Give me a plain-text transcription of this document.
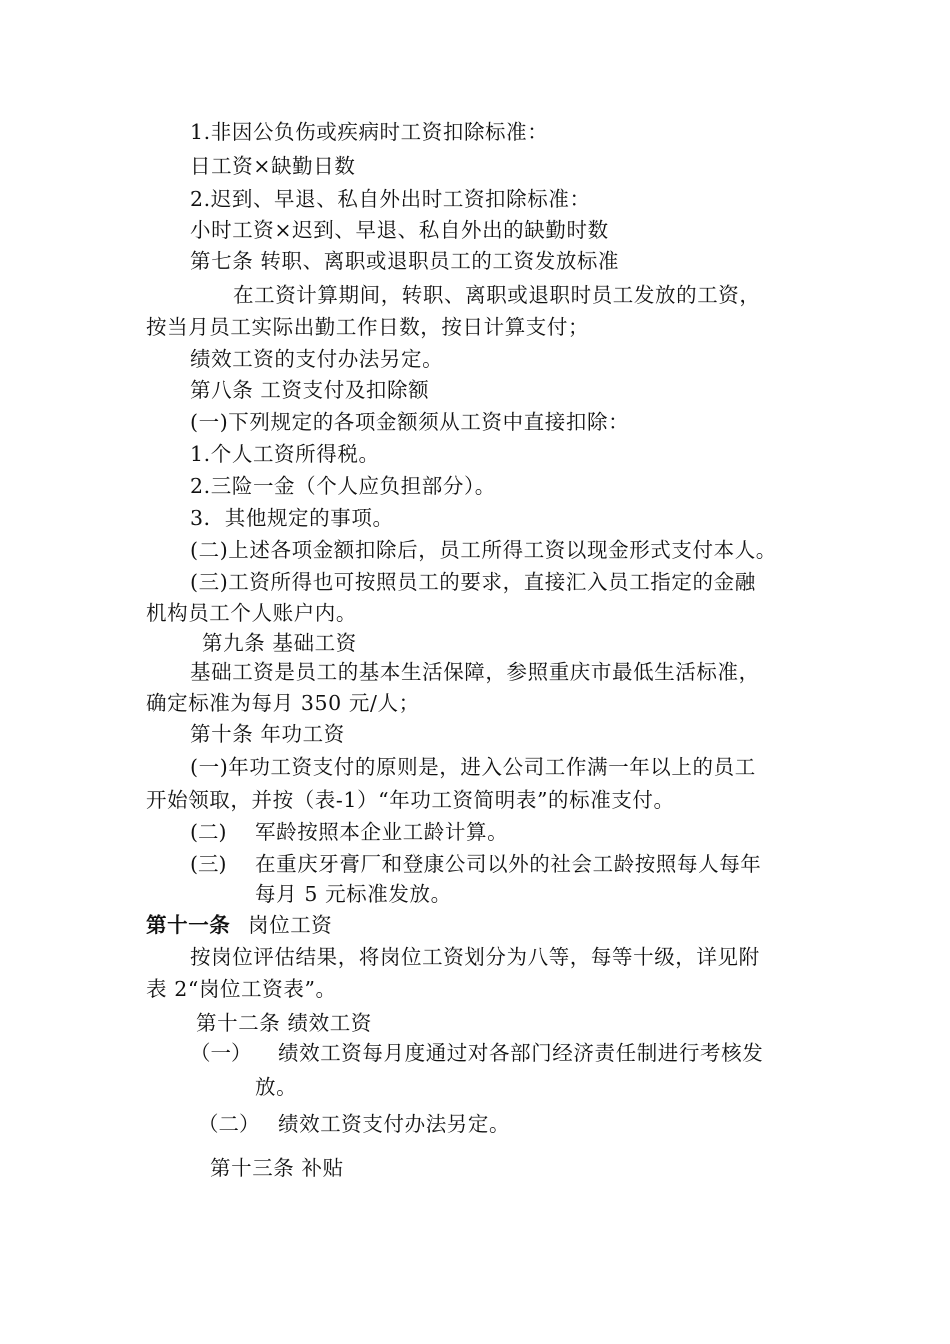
1.非因公负伤或疾病时工资扣除标准：
日工资×缺勤日数
2.迟到、早退、私自外出时工资扣除标准：
小时工资×迟到、早退、私自外出的缺勤时数
第七条 转职、离职或退职员工的工资发放标准
在工资计算期间，转职、离职或退职时员工发放的工资，
按当月员工实际出勤工作日数，按日计算支付；
绩效工资的支付办法另定。
第八条 工资支付及扣除额
(一)下列规定的各项金额须从工资中直接扣除：
1.个人工资所得税。
2.三险一金（个人应负担部分）。
3．其他规定的事项。
(二)上述各项金额扣除后，员工所得工资以现金形式支付本人。
(三)工资所得也可按照员工的要求，直接汇入员工指定的金融
机构员工个人账户内。
第九条 基础工资
基础工资是员工的基本生活保障，参照重庆市最低生活标准，
确定标准为每月 350 元/人；
第十条 年功工资
(一)年功工资支付的原则是，进入公司工作满一年以上的员工
开始领取，并按（表-1）“年功工资简明表”的标准支付。
(二) 军龄按照本企业工龄计算。
(三) 在重庆牙膏厂和登康公司以外的社会工龄按照每人每年
每月 5 元标准发放。
第十一条 岗位工资
按岗位评估结果，将岗位工资划分为八等，每等十级，详见附
表 2“岗位工资表”。
第十二条 绩效工资
（一） 绩效工资每月度通过对各部门经济责任制进行考核发
放。
（二） 绩效工资支付办法另定。
第十三条 补贴
